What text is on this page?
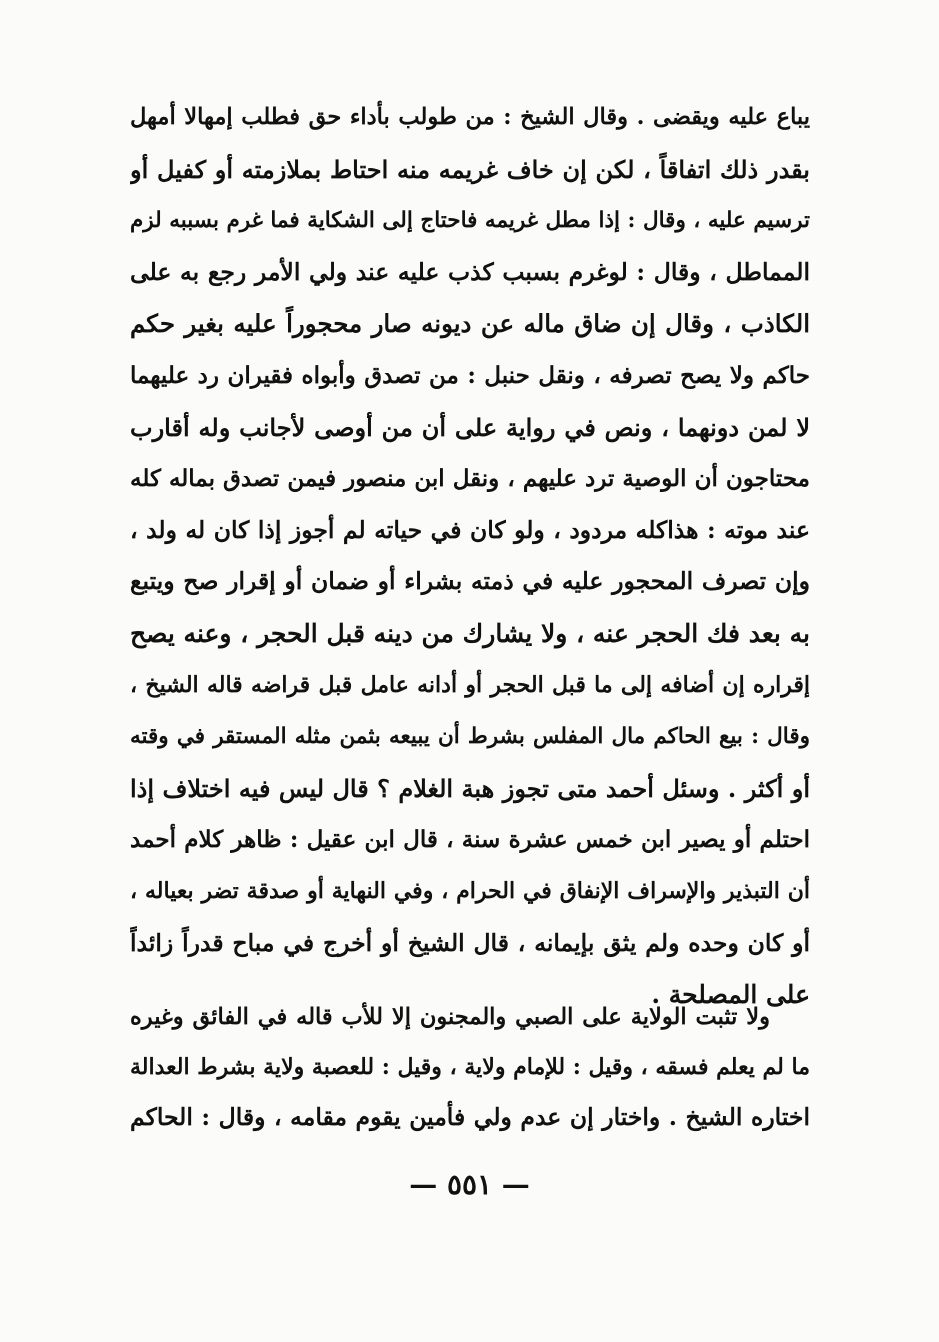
يباع عليه ويقضى . وقال الشيخ : من طولب بأداء حق فطلب إمهالا أمهل
بقدر ذلك اتفاقاً ، لكن إن خاف غريمه منه احتاط بملازمته أو كفيل أو
ترسيم عليه ، وقال : إذا مطل غريمه فاحتاج إلى الشكاية فما غرم بسببه لزم
المماطل ، وقال : لوغرم بسبب كذب عليه عند ولي الأمر رجع به على
الكاذب ، وقال إن ضاق ماله عن ديونه صار محجوراً عليه بغير حكم
حاكم ولا يصح تصرفه ، ونقل حنبل : من تصدق وأبواه فقيران رد عليهما
لا لمن دونهما ، ونص في رواية على أن من أوصى لأجانب وله أقارب
محتاجون أن الوصية ترد عليهم ، ونقل ابن منصور فيمن تصدق بماله كله
عند موته : هذاكله مردود ، ولو كان في حياته لم أجوز إذا كان له ولد ،
وإن تصرف المحجور عليه في ذمته بشراء أو ضمان أو إقرار صح ويتبع
به بعد فك الحجر عنه ، ولا يشارك من دينه قبل الحجر ، وعنه يصح
إقراره إن أضافه إلى ما قبل الحجر أو أدانه عامل قبل قراضه قاله الشيخ ،
وقال : بيع الحاكم مال المفلس بشرط أن يبيعه بثمن مثله المستقر في وقته
أو أكثر . وسئل أحمد متى تجوز هبة الغلام ؟ قال ليس فيه اختلاف إذا
احتلم أو يصير ابن خمس عشرة سنة ، قال ابن عقيل : ظاهر كلام أحمد
أن التبذير والإسراف الإنفاق في الحرام ، وفي النهاية أو صدقة تضر بعياله ،
أو كان وحده ولم يثق بإيمانه ، قال الشيخ أو أخرج في مباح قدراً زائداً
على المصلحة .
ولا تثبت الولاية على الصبي والمجنون إلا للأب قاله في الفائق وغيره
ما لم يعلم فسقه ، وقيل : للإمام ولاية ، وقيل : للعصبة ولاية بشرط العدالة
اختاره الشيخ . واختار إن عدم ولي فأمين يقوم مقامه ، وقال : الحاكم
— ٥٥١ —
